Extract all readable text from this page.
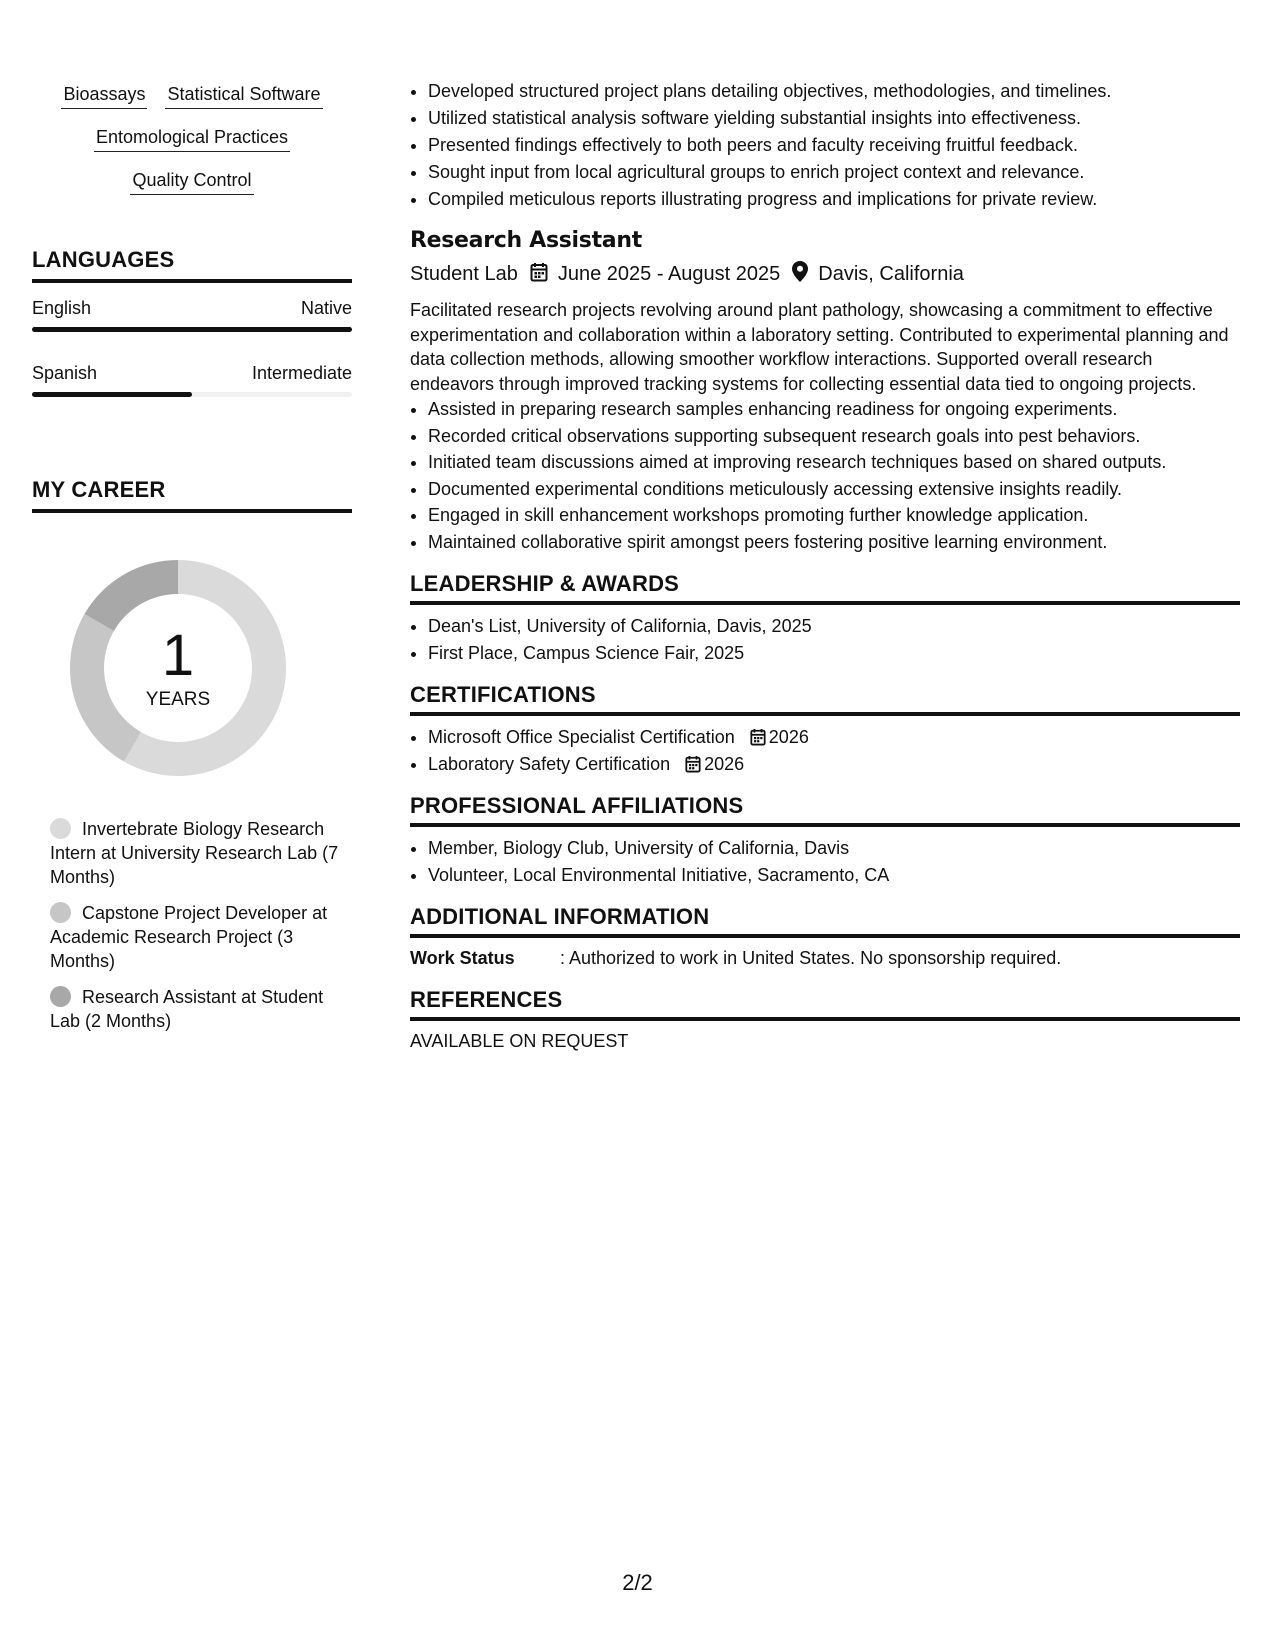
Bioassays Statistical Software
Entomological Practices
Quality Control
LANGUAGES
English	Native
Spanish	Intermediate
MY CAREER
1
YEARS
Invertebrate Biology Research Intern at University Research Lab (7 Months)
Capstone Project Developer at Academic Research Project (3 Months)
Research Assistant at Student Lab (2 Months)
• Developed structured project plans detailing objectives, methodologies, and timelines.
• Utilized statistical analysis software yielding substantial insights into effectiveness.
• Presented findings effectively to both peers and faculty receiving fruitful feedback.
• Sought input from local agricultural groups to enrich project context and relevance.
• Compiled meticulous reports illustrating progress and implications for private review.
Research Assistant
Student Lab June 2025 - August 2025 Davis, California
Facilitated research projects revolving around plant pathology, showcasing a commitment to effective experimentation and collaboration within a laboratory setting. Contributed to experimental planning and data collection methods, allowing smoother workflow interactions. Supported overall research endeavors through improved tracking systems for collecting essential data tied to ongoing projects.
• Assisted in preparing research samples enhancing readiness for ongoing experiments.
• Recorded critical observations supporting subsequent research goals into pest behaviors.
• Initiated team discussions aimed at improving research techniques based on shared outputs.
• Documented experimental conditions meticulously accessing extensive insights readily.
• Engaged in skill enhancement workshops promoting further knowledge application.
• Maintained collaborative spirit amongst peers fostering positive learning environment.
LEADERSHIP & AWARDS
• Dean's List, University of California, Davis, 2025
• First Place, Campus Science Fair, 2025
CERTIFICATIONS
• Microsoft Office Specialist Certification 2026
• Laboratory Safety Certification 2026
PROFESSIONAL AFFILIATIONS
• Member, Biology Club, University of California, Davis
• Volunteer, Local Environmental Initiative, Sacramento, CA
ADDITIONAL INFORMATION
Work Status	: Authorized to work in United States. No sponsorship required.
REFERENCES
AVAILABLE ON REQUEST
2/2
